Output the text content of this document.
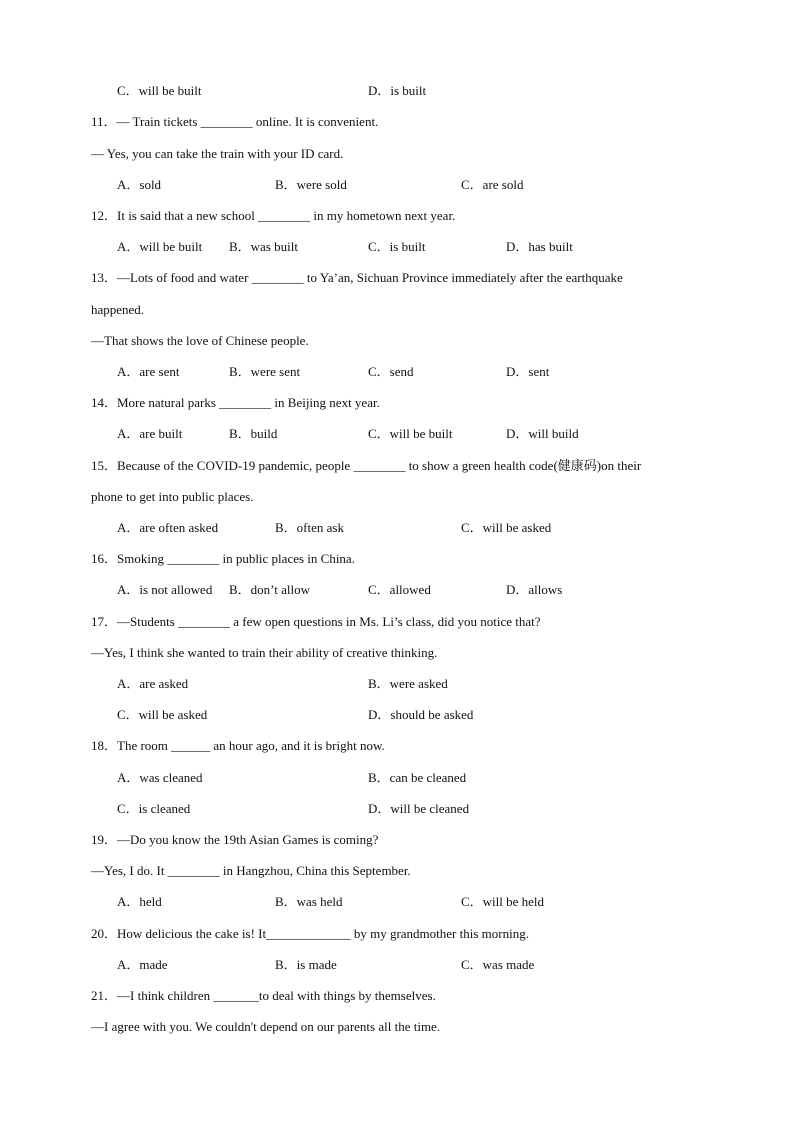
C．will be built	D．is built
11．— Train tickets ________ online. It is convenient.
— Yes, you can take the train with your ID card.
A．sold	B．were sold	C．are sold
12．It is said that a new school ________ in my hometown next year.
A．will be built B．was built	C．is built	D．has built
13．—Lots of food and water ________ to Ya’an, Sichuan Province immediately after the earthquake
happened.
—That shows the love of Chinese people.
A．are sent	B．were sent	C．send	D．sent
14．More natural parks ________ in Beijing next year.
A．are built	B．build	C．will be built	D．will build
15．Because of the COVID-19 pandemic, people ________ to show a green health code(健康码)on their
phone to get into public places.
A．are often asked	B．often ask	C．will be asked
16．Smoking ________ in public places in China.
A．is not allowed B．don’t allow	C．allowed	D．allows
17．—Students ________ a few open questions in Ms. Li’s class, did you notice that?
—Yes, I think she wanted to train their ability of creative thinking.
A．are asked	B．were asked
C．will be asked	D．should be asked
18．The room ______ an hour ago, and it is bright now.
A．was cleaned	B．can be cleaned
C．is cleaned	D．will be cleaned
19．—Do you know the 19th Asian Games is coming?
—Yes, I do. It ________ in Hangzhou, China this September.
A．held	B．was held	C．will be held
20．How delicious the cake is! It_____________ by my grandmother this morning.
A．made	B．is made	C．was made
21．—I think children _______to deal with things by themselves.
—I agree with you. We couldn't depend on our parents all the time.
